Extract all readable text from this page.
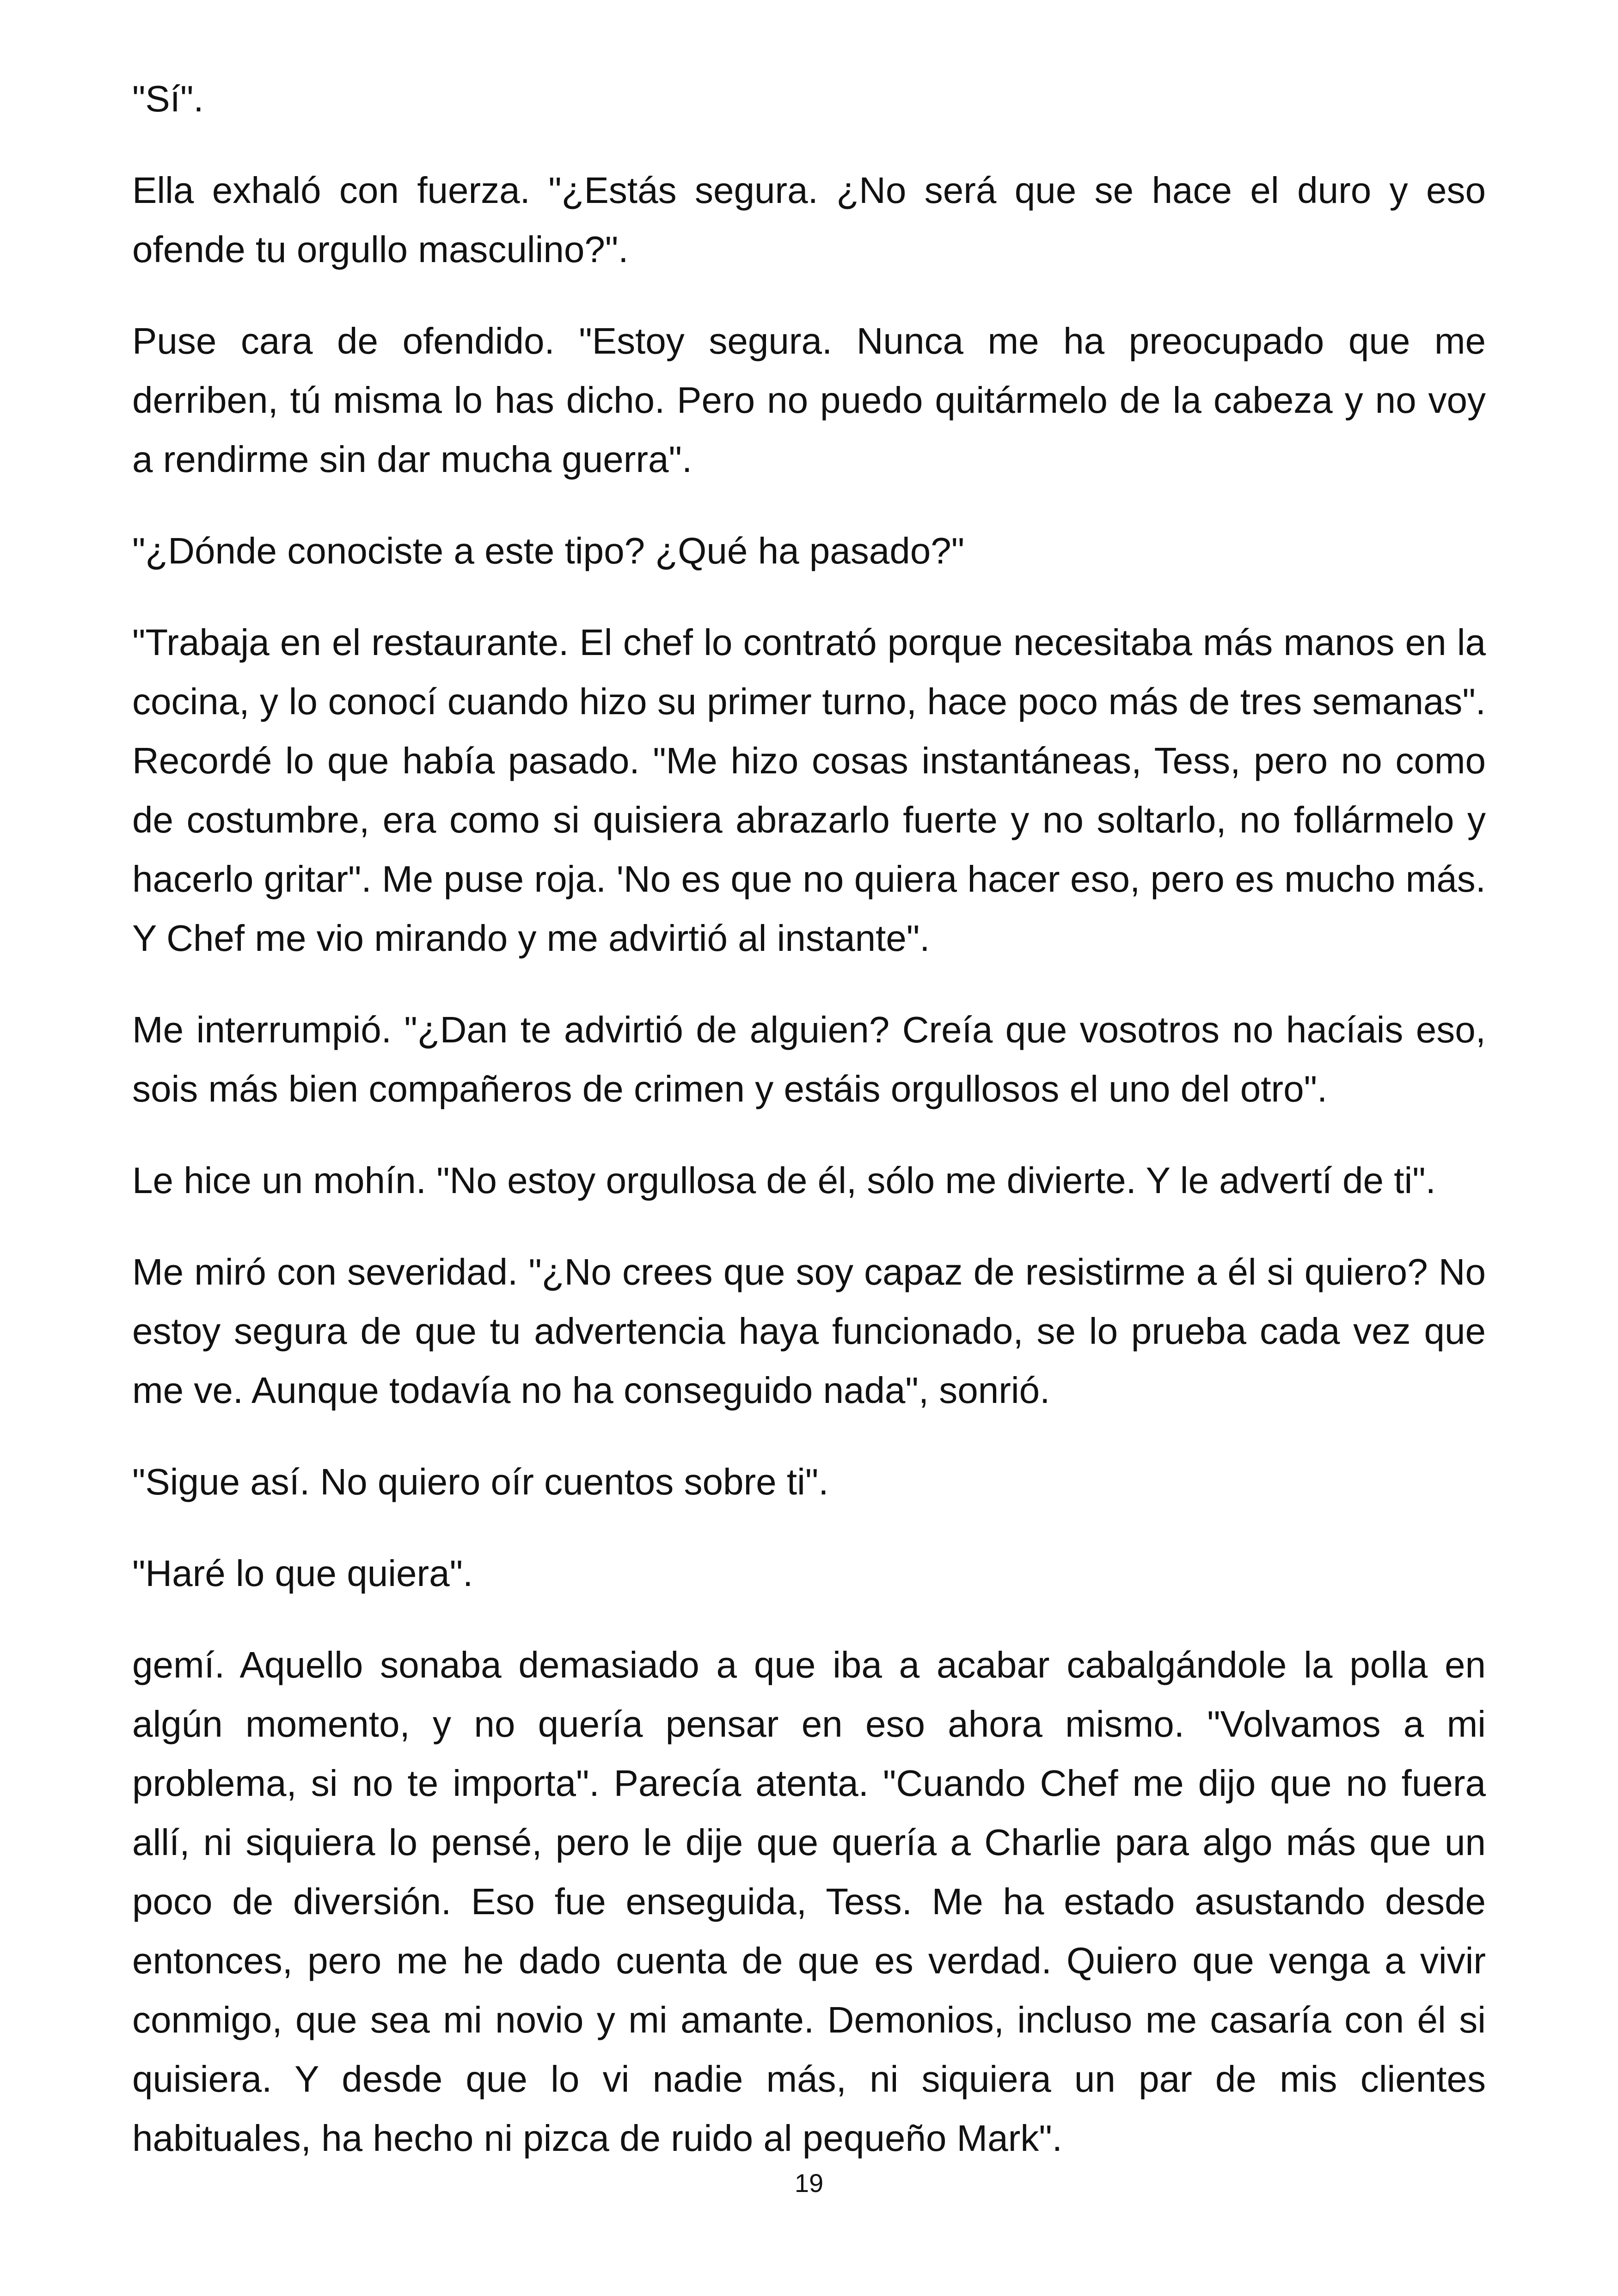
"Sí".

Ella exhaló con fuerza. "¿Estás segura. ¿No será que se hace el duro y eso ofende tu orgullo masculino?".

Puse cara de ofendido. "Estoy segura. Nunca me ha preocupado que me derriben, tú misma lo has dicho. Pero no puedo quitármelo de la cabeza y no voy a rendirme sin dar mucha guerra".

"¿Dónde conociste a este tipo? ¿Qué ha pasado?"

"Trabaja en el restaurante. El chef lo contrató porque necesitaba más manos en la cocina, y lo conocí cuando hizo su primer turno, hace poco más de tres semanas". Recordé lo que había pasado. "Me hizo cosas instantáneas, Tess, pero no como de costumbre, era como si quisiera abrazarlo fuerte y no soltarlo, no follármelo y hacerlo gritar". Me puse roja. 'No es que no quiera hacer eso, pero es mucho más. Y Chef me vio mirando y me advirtió al instante".

Me interrumpió. "¿Dan te advirtió de alguien? Creía que vosotros no hacíais eso, sois más bien compañeros de crimen y estáis orgullosos el uno del otro".

Le hice un mohín. "No estoy orgullosa de él, sólo me divierte. Y le advertí de ti".

Me miró con severidad. "¿No crees que soy capaz de resistirme a él si quiero? No estoy segura de que tu advertencia haya funcionado, se lo prueba cada vez que me ve. Aunque todavía no ha conseguido nada", sonrió.

"Sigue así. No quiero oír cuentos sobre ti".

"Haré lo que quiera".

gemí. Aquello sonaba demasiado a que iba a acabar cabalgándole la polla en algún momento, y no quería pensar en eso ahora mismo. "Volvamos a mi problema, si no te importa". Parecía atenta. "Cuando Chef me dijo que no fuera allí, ni siquiera lo pensé, pero le dije que quería a Charlie para algo más que un poco de diversión. Eso fue enseguida, Tess. Me ha estado asustando desde entonces, pero me he dado cuenta de que es verdad. Quiero que venga a vivir conmigo, que sea mi novio y mi amante. Demonios, incluso me casaría con él si quisiera. Y desde que lo vi nadie más, ni siquiera un par de mis clientes habituales, ha hecho ni pizca de ruido al pequeño Mark".

19
